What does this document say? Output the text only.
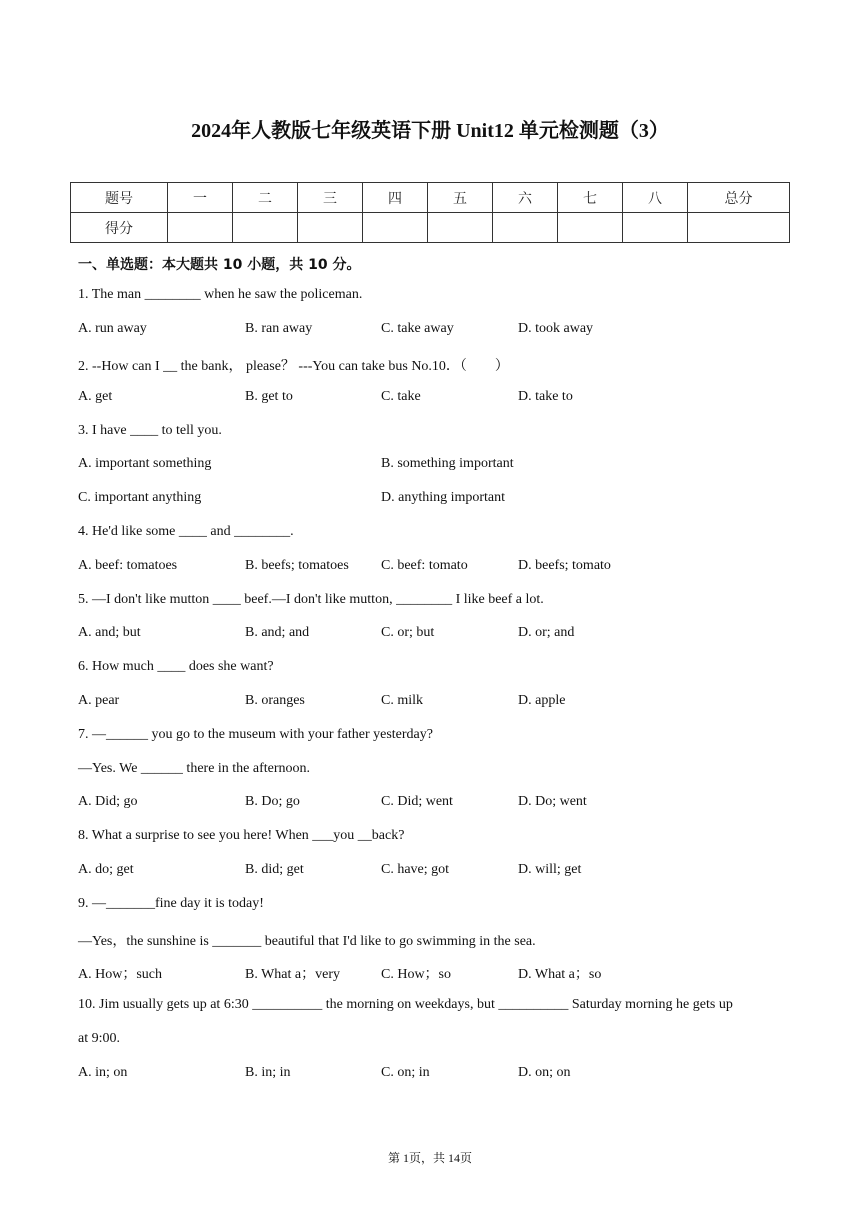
2024年人教版七年级英语下册 Unit12 单元检测题（3）
题号	一	二	三	四	五	六	七	八	总分
得分									
一、单选题：本大题共 10 小题，共 10 分。
1. The man ________ when he saw the policeman.
A. run away	B. ran away	C. take away	D. took away
2. --How can I __ the bank， please？ ---You can take bus No.10．（　　）
A. get	B. get to	C. take	D. take to
3. I have ____ to tell you.
A. important something	B. something important
C. important anything	D. anything important
4. He'd like some ____ and ________.
A. beef: tomatoes	B. beefs; tomatoes C. beef: tomato	D. beefs; tomato
5. —I don't like mutton ____ beef.—I don't like mutton, ________ I like beef a lot.
A. and; but	B. and; and	C. or; but	D. or; and
6. How much ____ does she want?
A. pear	B. oranges	C. milk	D. apple
7. —______ you go to the museum with your father yesterday?
—Yes. We ______ there in the afternoon.
A. Did; go	B. Do; go	C. Did; went	D. Do; went
8. What a surprise to see you here! When ___you __back?
A. do; get	B. did; get	C. have; got	D. will; get
9. —_______fine day it is today!
—Yes，the sunshine is _______ beautiful that I'd like to go swimming in the sea.
A. How；such	B. What a；very	C. How；so	D. What a；so
10. Jim usually gets up at 6:30 __________ the morning on weekdays, but __________ Saturday morning he gets up
at 9:00.
A. in; on	B. in; in	C. on; in	D. on; on
第 1页，共 14页
